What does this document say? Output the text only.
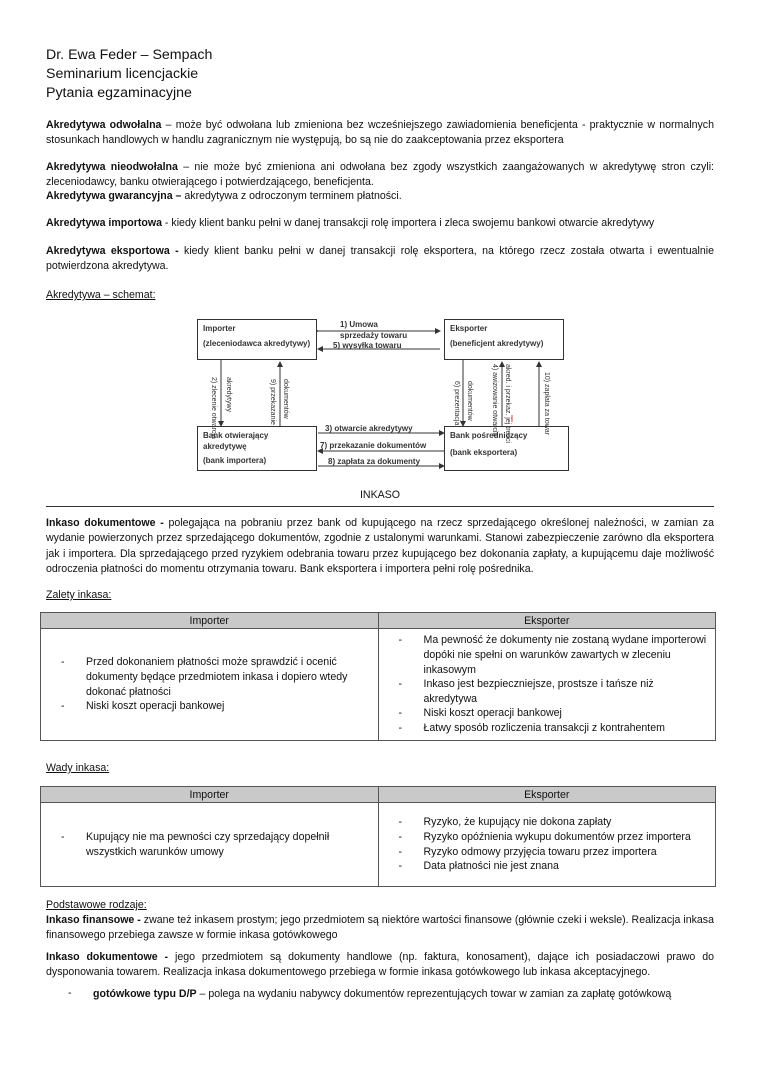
Dr. Ewa Feder – Sempach
Seminarium licencjackie
Pytania egzaminacyjne
Akredytywa odwołalna – może być odwołana lub zmieniona bez wcześniejszego zawiadomienia beneficjenta - praktycznie w normalnych stosunkach handlowych w handlu zagranicznym nie występują, bo są nie do zaakceptowania przez eksportera
Akredytywa nieodwołalna – nie może być zmieniona ani odwołana bez zgody wszystkich zaangażowanych w akredytywę stron czyli: zleceniodawcy, banku otwierającego i potwierdzającego, beneficjenta.
Akredytywa gwarancyjna – akredytywa z odroczonym terminem płatności.
Akredytywa importowa - kiedy klient banku pełni w danej transakcji rolę importera i zleca swojemu bankowi otwarcie akredytywy
Akredytywa eksportowa - kiedy klient banku pełni w danej transakcji rolę eksportera, na którego rzecz została otwarta i ewentualnie potwierdzona akredytywa.
Akredytywa – schemat:
Importer
(zleceniodawca akredytywy)
Eksporter
(beneficjent akredytywy)
Bank otwierający akredytywę
(bank importera)
Bank pośredniczący
(bank eksportera)
1) Umowa
sprzedaży towaru
5) wysyłka towaru
3) otwarcie akredytywy
7) przekazanie dokumentów
8) zapłata za dokumenty
2) zlecenie otwarcia akredytywy	9) przekazanie dokumentów	6) prezentacja dokumentów	4) awizowanie otwarcia akred. i przekaz. jej treści	10) zapłata za towar
INKASO
Inkaso dokumentowe - polegająca na pobraniu przez bank od kupującego na rzecz sprzedającego określonej należności, w zamian za wydanie powierzonych przez sprzedającego dokumentów, zgodnie z ustalonymi warunkami. Stanowi zabezpieczenie zarówno dla eksportera jak i importera. Dla sprzedającego przed ryzykiem odebrania towaru przez kupującego bez dokonania zapłaty, a kupującemu daje możliwość odroczenia płatności do momentu otrzymania towaru. Bank eksportera i importera pełni rolę pośrednika.
Zalety inkasa:
Importer	Eksporter

- Przed dokonaniem płatności może sprawdzić i ocenić dokumenty będące przedmiotem inkasa i dopiero wtedy dokonać płatności
- Niski koszt operacji bankowej

- Ma pewność że dokumenty nie zostaną wydane importerowi dopóki nie spełni on warunków zawartych w zleceniu inkasowym
- Inkaso jest bezpieczniejsze, prostsze i tańsze niż akredytywa
- Niski koszt operacji bankowej
- Łatwy sposób rozliczenia transakcji z kontrahentem
Wady inkasa:
Importer	Eksporter

- Kupujący nie ma pewności czy sprzedający dopełnił wszystkich warunków umowy

- Ryzyko, że kupujący nie dokona zapłaty
- Ryzyko opóźnienia wykupu dokumentów przez importera
- Ryzyko odmowy przyjęcia towaru przez importera
- Data płatności nie jest znana
Podstawowe rodzaje:
Inkaso finansowe - zwane też inkasem prostym; jego przedmiotem są niektóre wartości finansowe (głównie czeki i weksle). Realizacja inkasa finansowego przebiega zawsze w formie inkasa gotówkowego
Inkaso dokumentowe - jego przedmiotem są dokumenty handlowe (np. faktura, konosament), dające ich posiadaczowi prawo do dysponowania towarem. Realizacja inkasa dokumentowego przebiega w formie inkasa gotówkowego lub inkasa akceptacyjnego.
- gotówkowe typu D/P – polega na wydaniu nabywcy dokumentów reprezentujących towar w zamian za zapłatę gotówkową
